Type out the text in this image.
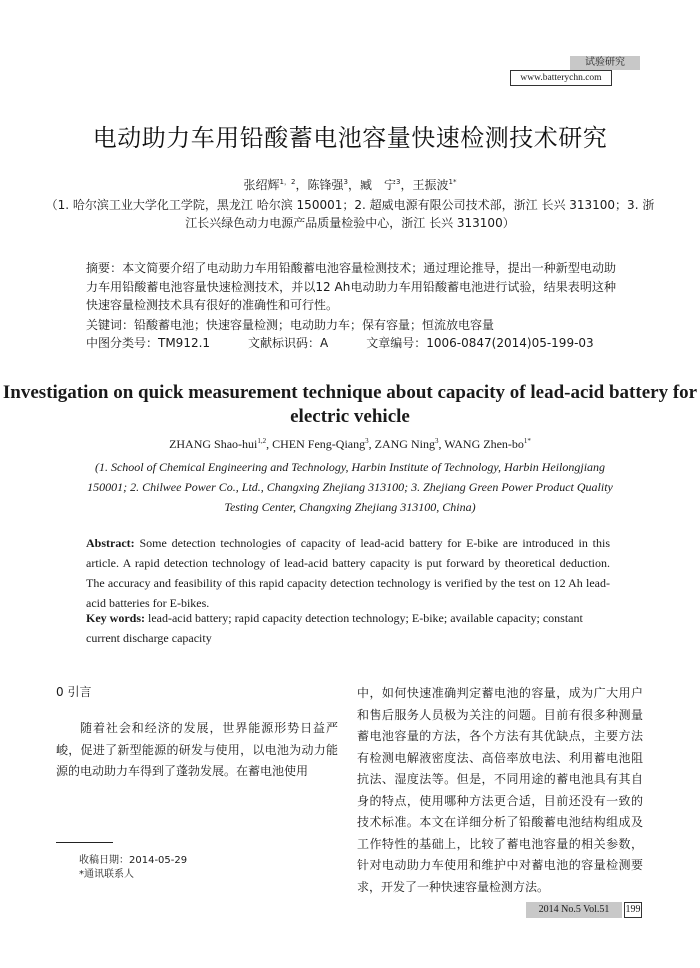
试验研究
www.batterychn.com
电动助力车用铅酸蓄电池容量快速检测技术研究
张绍辉$^{1,2}$，陈锋强$^3$，臧　宁$^3$，王振波$^{1*}$
（1. 哈尔滨工业大学化工学院，黑龙江 哈尔滨 150001；2. 超威电源有限公司技术部，浙江 长兴 313100；3. 浙江长兴绿色动力电源产品质量检验中心，浙江 长兴 313100）
摘要：本文简要介绍了电动助力车用铅酸蓄电池容量检测技术；通过理论推导，提出一种新型电动助力车用铅酸蓄电池容量快速检测技术，并以12 Ah电动助力车用铅酸蓄电池进行试验，结果表明这种快速容量检测技术具有很好的准确性和可行性。
关键词：铅酸蓄电池；快速容量检测；电动助力车；保有容量；恒流放电容量
中图分类号：TM912.1	文献标识码：A	文章编号：1006-0847(2014)05-199-03
Investigation on quick measurement technique about capacity of lead-acid battery for electric vehicle
ZHANG Shao-hui$^{1,2}$, CHEN Feng-Qiang$^3$, ZANG Ning$^3$, WANG Zhen-$bo^{1*}$
(1. School of Chemical Engineering and Technology, Harbin Institute of Technology, Harbin Heilongjiang 150001; 2. Chilwee Power Co., Ltd., Changxing Zhejiang 313100; 3. Zhejiang Green Power Product Quality Testing Center, Changxing Zhejiang 313100, China)
Abstract: Some detection technologies of capacity of lead-acid battery for E-bike are introduced in this article. A rapid detection technology of lead-acid battery capacity is put forward by theoretical deduction. The accuracy and feasibility of this rapid capacity detection technology is verified by the test on 12 Ah lead-acid batteries for E-bikes.
Key words: lead-acid battery; rapid capacity detection technology; E-bike; available capacity; constant current discharge capacity
0 引言
随着社会和经济的发展，世界能源形势日益严峻，促进了新型能源的研发与使用，以电池为动力能源的电动助力车得到了蓬勃发展。在蓄电池使用
中，如何快速准确判定蓄电池的容量，成为广大用户和售后服务人员极为关注的问题。目前有很多种测量蓄电池容量的方法，各个方法有其优缺点，主要方法有检测电解液密度法、高倍率放电法、利用蓄电池阻抗法、湿度法等。但是，不同用途的蓄电池具有其自身的特点，使用哪种方法更合适，目前还没有一致的技术标准。本文在详细分析了铅酸蓄电池结构组成及工作特性的基础上，比较了蓄电池容量的相关参数，针对电动助力车使用和维护中对蓄电池的容量检测要求，开发了一种快速容量检测方法。
收稿日期：2014-05-29
*通讯联系人
2014 No.5 Vol.51	199
